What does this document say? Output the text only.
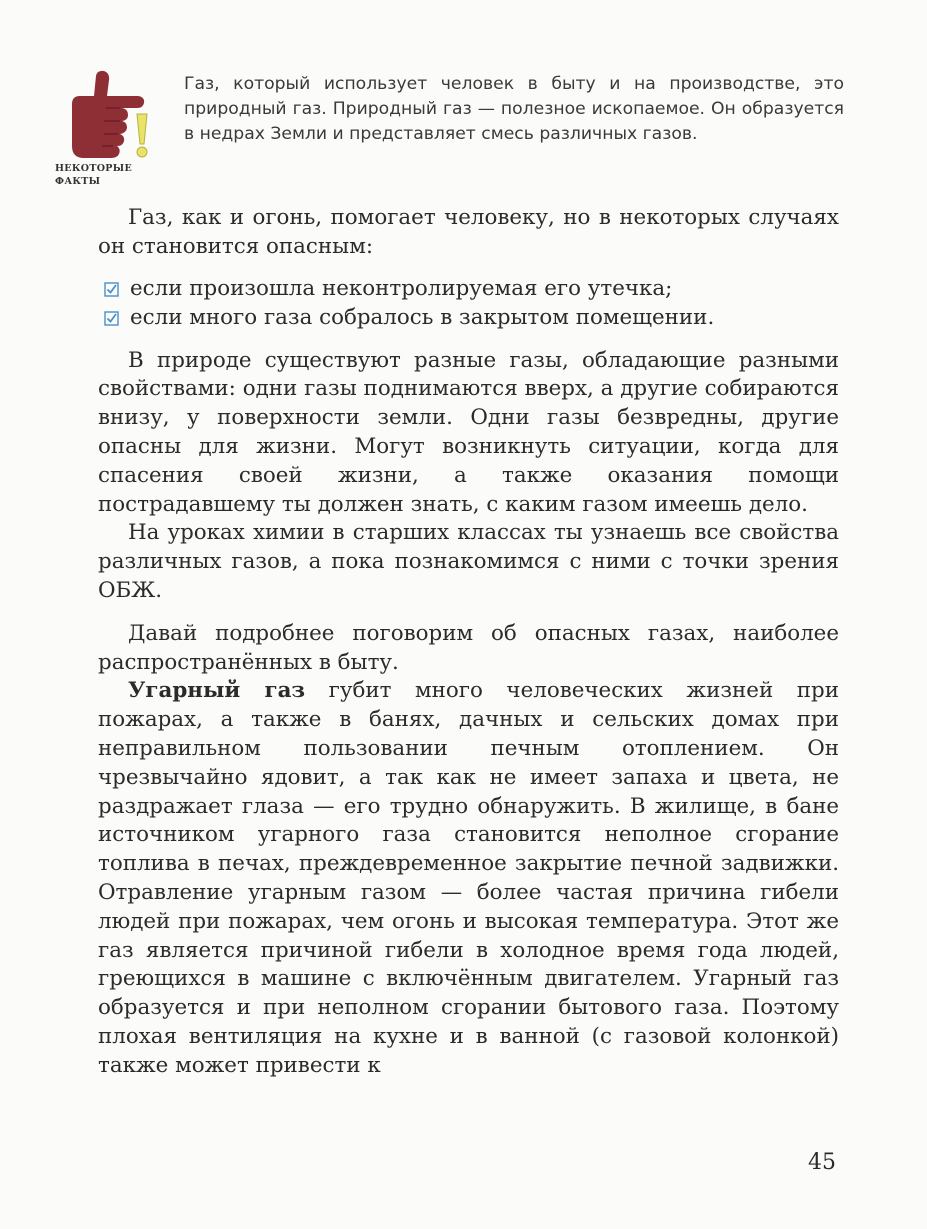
НЕКОТОРЫЕ
ФАКТЫ
Газ, который использует человек в быту и на производстве, это природный газ. Природный газ — полезное ископаемое. Он образуется в недрах Земли и представляет смесь различных газов.

Газ, как и огонь, помогает человеку, но в некоторых случаях он становится опасным:

если произошла неконтролируемая его утечка;
если много газа собралось в закрытом помещении.

В природе существуют разные газы, обладающие разными свойствами: одни газы поднимаются вверх, а другие собираются внизу, у поверхности земли. Одни газы безвредны, другие опасны для жизни. Могут возникнуть ситуации, когда для спасения своей жизни, а также оказания помощи пострадавшему ты должен знать, с каким газом имеешь дело.

На уроках химии в старших классах ты узнаешь все свойства различных газов, а пока познакомимся с ними с точки зрения ОБЖ.

Давай подробнее поговорим об опасных газах, наиболее распространённых в быту.

Угарный газ губит много человеческих жизней при пожарах, а также в банях, дачных и сельских домах при неправильном пользовании печным отоплением. Он чрезвычайно ядовит, а так как не имеет запаха и цвета, не раздражает глаза — его трудно обнаружить. В жилище, в бане источником угарного газа становится неполное сгорание топлива в печах, преждевременное закрытие печной задвижки. Отравление угарным газом — более частая причина гибели людей при пожарах, чем огонь и высокая температура. Этот же газ является причиной гибели в холодное время года людей, греющихся в машине с включённым двигателем. Угарный газ образуется и при неполном сгорании бытового газа. Поэтому плохая вентиляция на кухне и в ванной (с газовой колонкой) также может привести к

45
